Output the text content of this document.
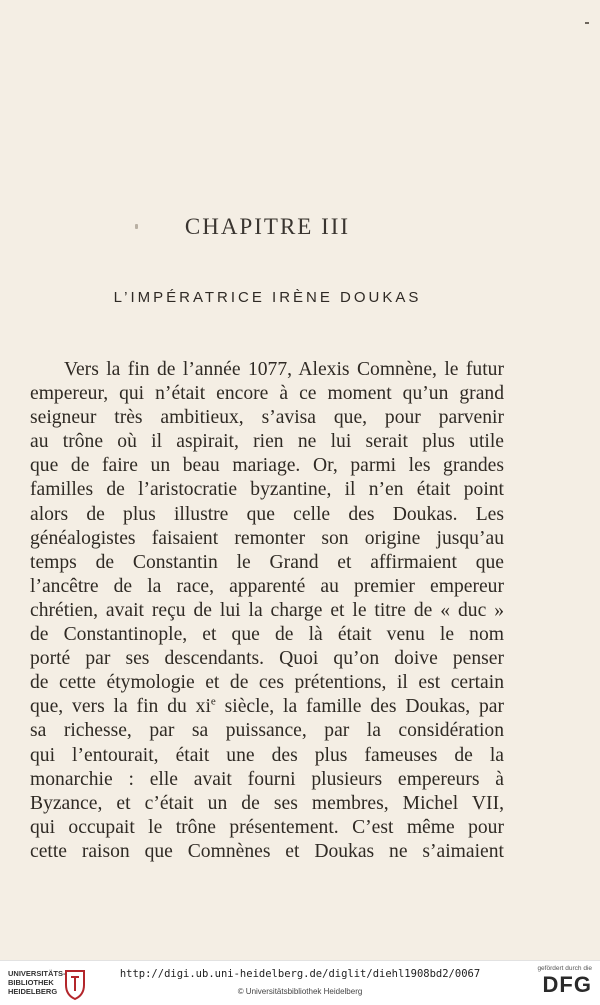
CHAPITRE III
L’IMPÉRATRICE IRÈNE DOUKAS
Vers la fin de l’année 1077, Alexis Comnène, le futur
empereur, qui n’était encore à ce moment qu’un grand
seigneur très ambitieux, s’avisa que, pour parvenir
au trône où il aspirait, rien ne lui serait plus utile
que de faire un beau mariage. Or, parmi les grandes
familles de l’aristocratie byzantine, il n’en était point
alors de plus illustre que celle des Doukas. Les
généalogistes faisaient remonter son origine jusqu’au
temps de Constantin le Grand et affirmaient que
l’ancêtre de la race, apparenté au premier empereur
chrétien, avait reçu de lui la charge et le titre de « duc »
de Constantinople, et que de là était venu le nom
porté par ses descendants. Quoi qu’on doive penser
de cette étymologie et de ces prétentions, il est certain
que, vers la fin du $xi^e$ siècle, la famille des Doukas, par
sa richesse, par sa puissance, par la considération
qui l’entourait, était une des plus fameuses de la
monarchie : elle avait fourni plusieurs empereurs à
Byzance, et c’était un de ses membres, Michel VII,
qui occupait le trône présentement. C’est même pour
cette raison que Comnènes et Doukas ne s’aimaient
UNIVERSITÄTS-
BIBLIOTHEK
HEIDELBERG
http://digi.ub.uni-heidelberg.de/diglit/diehl1908bd2/0067
© Universitätsbibliothek Heidelberg
gefördert durch die
DFG
